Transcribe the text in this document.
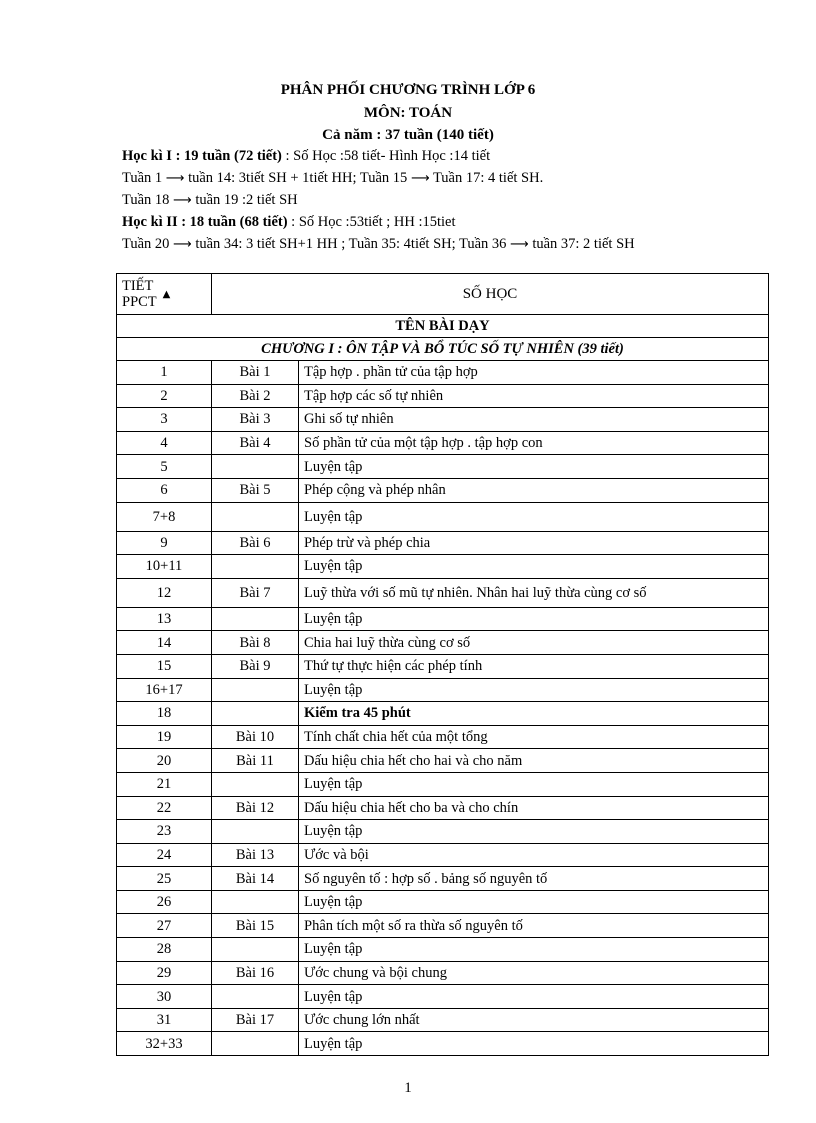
PHÂN PHỐI CHƯƠNG TRÌNH LỚP 6
MÔN: TOÁN
Cả năm : 37 tuần (140 tiết)
Học kì I : 19 tuần (72 tiết) : Số Học :58 tiết- Hình Học :14 tiết
Tuần 1 ⟶ tuần 14: 3tiết SH + 1tiết HH; Tuần 15 ⟶ Tuần 17: 4 tiết SH.
Tuần 18 ⟶ tuần 19 :2 tiết SH
Học kì II : 18 tuần (68 tiết) : Số Học :53tiết ; HH :15tiet
Tuần 20 ⟶ tuần 34: 3 tiết SH+1 HH ; Tuần 35: 4tiết SH; Tuần 36 ⟶ tuần 37: 2 tiết SH
TIẾT
PPCT ▲	SỐ HỌC	
TÊN BÀI DẠY		
CHƯƠNG I : ÔN TẬP VÀ BỔ TÚC SỐ TỰ NHIÊN (39 tiết)		
1	Bài 1	Tập hợp . phần tử của tập hợp
2	Bài 2	Tập hợp các số tự nhiên
3	Bài 3	Ghi số tự nhiên
4	Bài 4	Số phần tử của một tập hợp . tập hợp con
5		Luyện tập
6	Bài 5	Phép cộng và phép nhân
7+8		Luyện tập
9	Bài 6	Phép trừ và phép chia
10+11		Luyện tập
12	Bài 7	Luỹ thừa với số mũ tự nhiên. Nhân hai luỹ thừa cùng cơ số
13		Luyện tập
14	Bài 8	Chia hai luỹ thừa cùng cơ số
15	Bài 9	Thứ tự thực hiện các phép tính
16+17		Luyện tập
18		Kiểm tra 45 phút
19	Bài 10	Tính chất chia hết của một tổng
20	Bài 11	Dấu hiệu chia hết cho hai và cho năm
21		Luyện tập
22	Bài 12	Dấu hiệu chia hết cho ba và cho chín
23		Luyện tập
24	Bài 13	Ước và bội
25	Bài 14	Số nguyên tố : hợp số . bảng số nguyên tố
26		Luyện tập
27	Bài 15	Phân tích một số ra thừa số nguyên tố
28		Luyện tập
29	Bài 16	Ước chung và bội chung
30		Luyện tập
31	Bài 17	Ước chung lớn nhất
32+33		Luyện tập
1
